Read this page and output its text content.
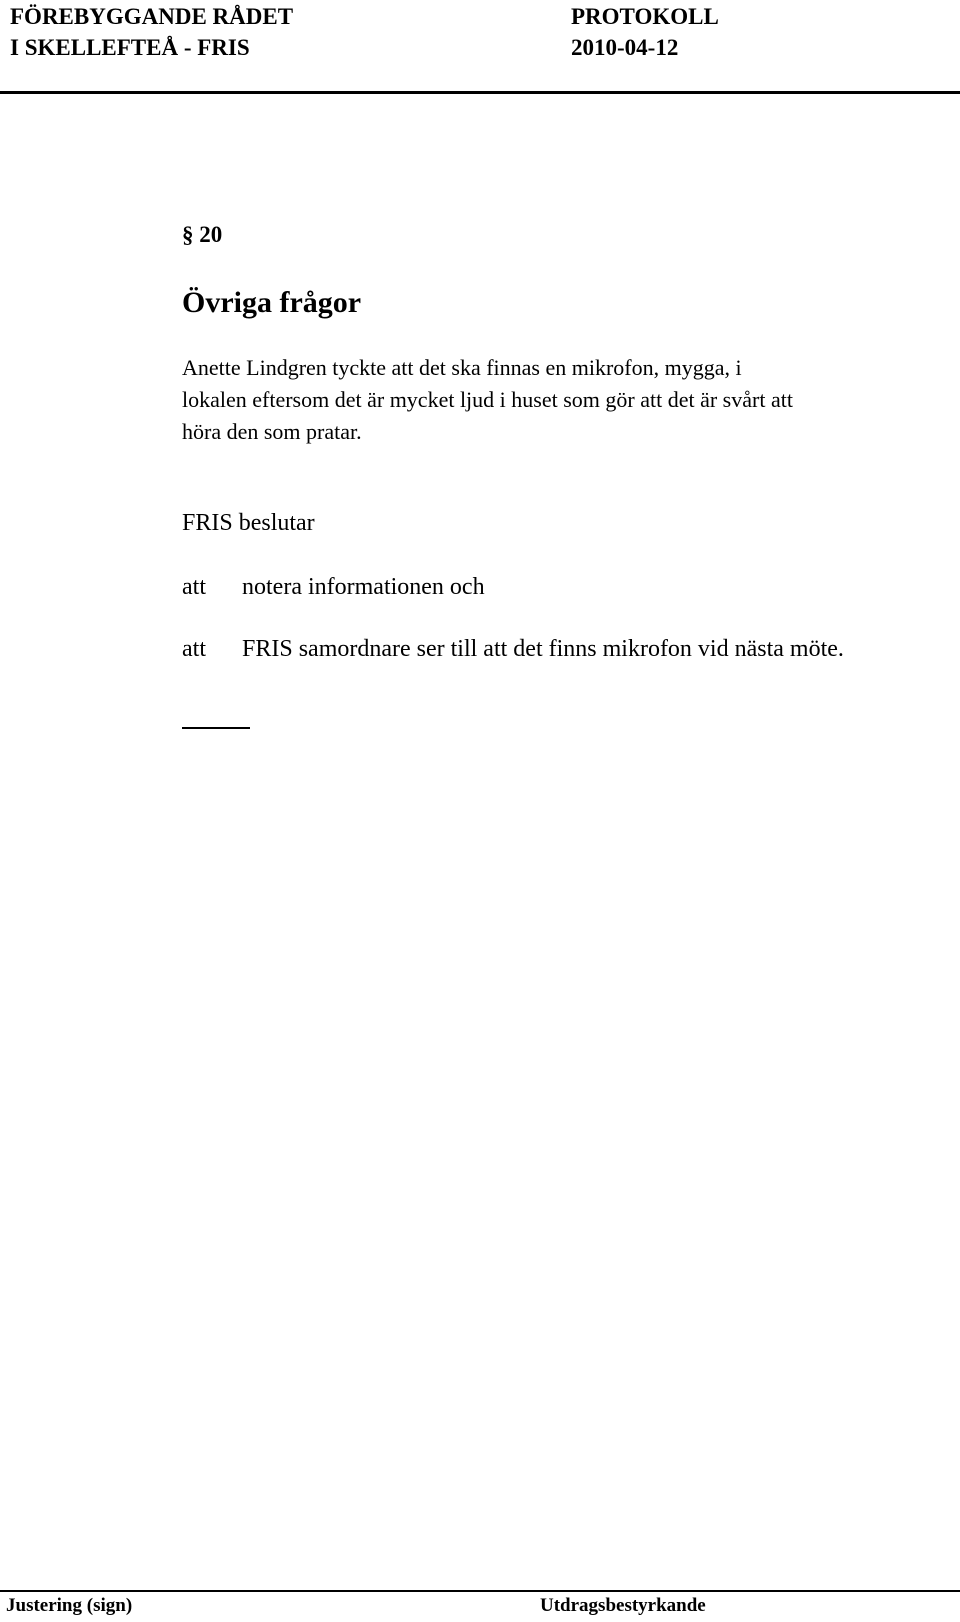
FÖREBYGGANDE RÅDET
I SKELLEFTEÅ - FRIS
PROTOKOLL
2010-04-12
§ 20
Övriga frågor
Anette Lindgren tyckte att det ska finnas en mikrofon, mygga, i
lokalen eftersom det är mycket ljud i huset som gör att det är svårt att
höra den som pratar.
FRIS beslutar
att notera informationen och
att FRIS samordnare ser till att det finns mikrofon vid nästa möte.
Justering (sign)	Utdragsbestyrkande
